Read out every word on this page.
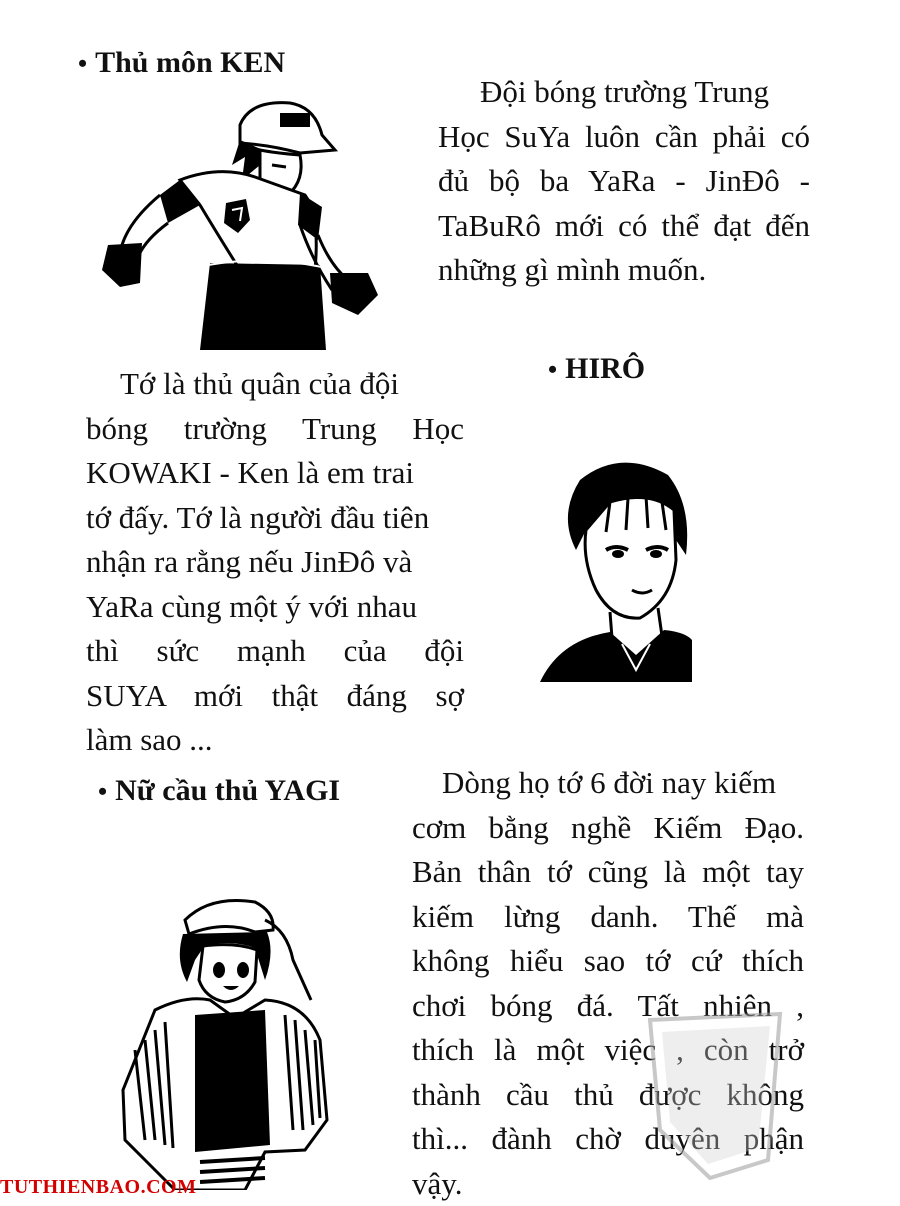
• Thủ môn KEN
Đội bóng trường Trung
Học SuYa luôn cần phải có
đủ bộ ba YaRa - JinĐô -
TaBuRô mới có thể đạt đến
những gì mình muốn.
• HIRÔ
Tớ là thủ quân của đội
bóng trường Trung Học
KOWAKI - Ken là em trai
tớ đấy. Tớ là người đầu tiên
nhận ra rằng nếu JinĐô và
YaRa cùng một ý với nhau
thì sức mạnh của đội
SUYA mới thật đáng sợ
làm sao ...
• Nữ cầu thủ YAGI	Dòng họ tớ 6 đời nay kiếm
cơm bằng nghề Kiếm Đạo.
Bản thân tớ cũng là một tay
kiếm lừng danh. Thế mà
không hiểu sao tớ cứ thích
chơi bóng đá. Tất nhiên ,
thích là một việc , còn trở
thành cầu thủ được không
thì... đành chờ duyên phận
vậy.
TUTHIENBAO.COM
